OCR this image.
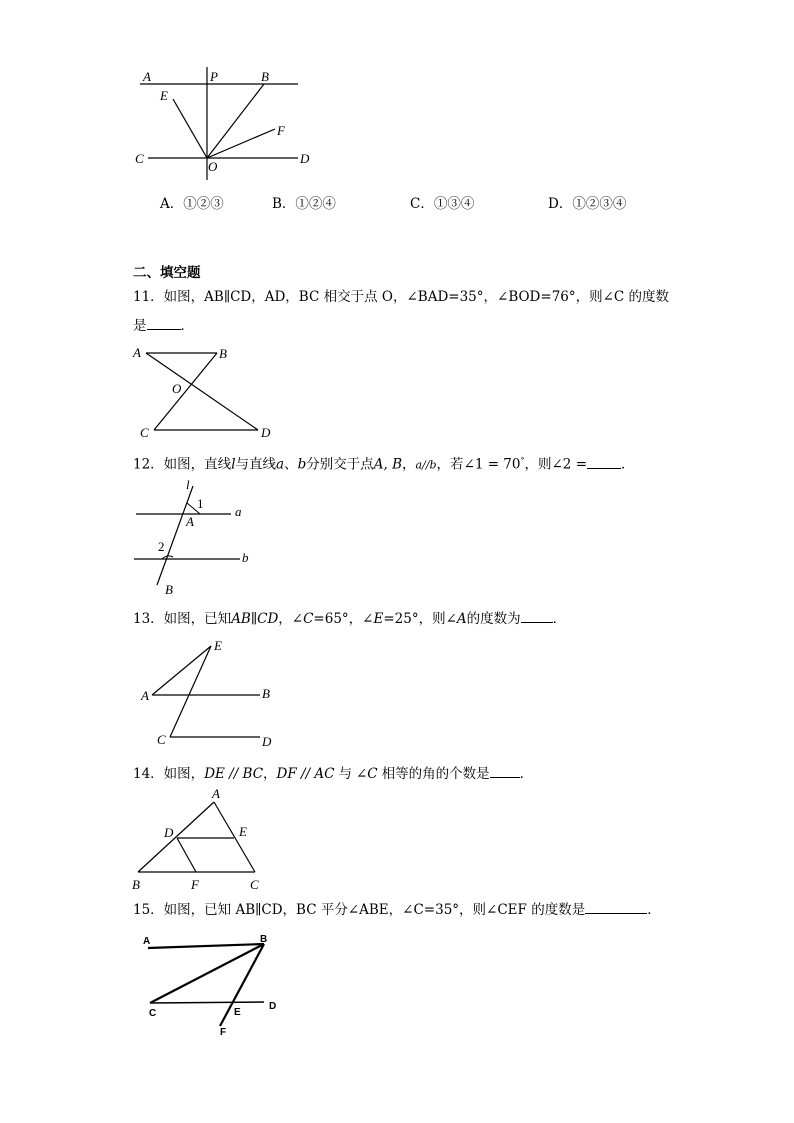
A	P	B
E
F
C
O
D
A．①②③	B．①②④	C．①③④	D．①②③④
二、填空题
11．如图，AB∥CD，AD，BC 相交于点 O，∠BAD=35°，∠BOD=76°，则∠C 的度数
是	．
A	B
O
C	D
12．如图，直线l与直线a、b分别交于点A, B，a//b，若∠1 = 70°，则∠2 =	．
l
1
A
a
2
b
B
13．如图，已知AB∥CD，∠C=65°，∠E=25°，则∠A的度数为 ．
E
A	B
C	D
14．如图，DE // BC，DF // AC 与 ∠C 相等的角的个数是 ．
A
D	E
B	F	C
15．如图，已知 AB∥CD，BC 平分∠ABE，∠C=35°，则∠CEF 的度数是	．
A	B
C
D
E
F
